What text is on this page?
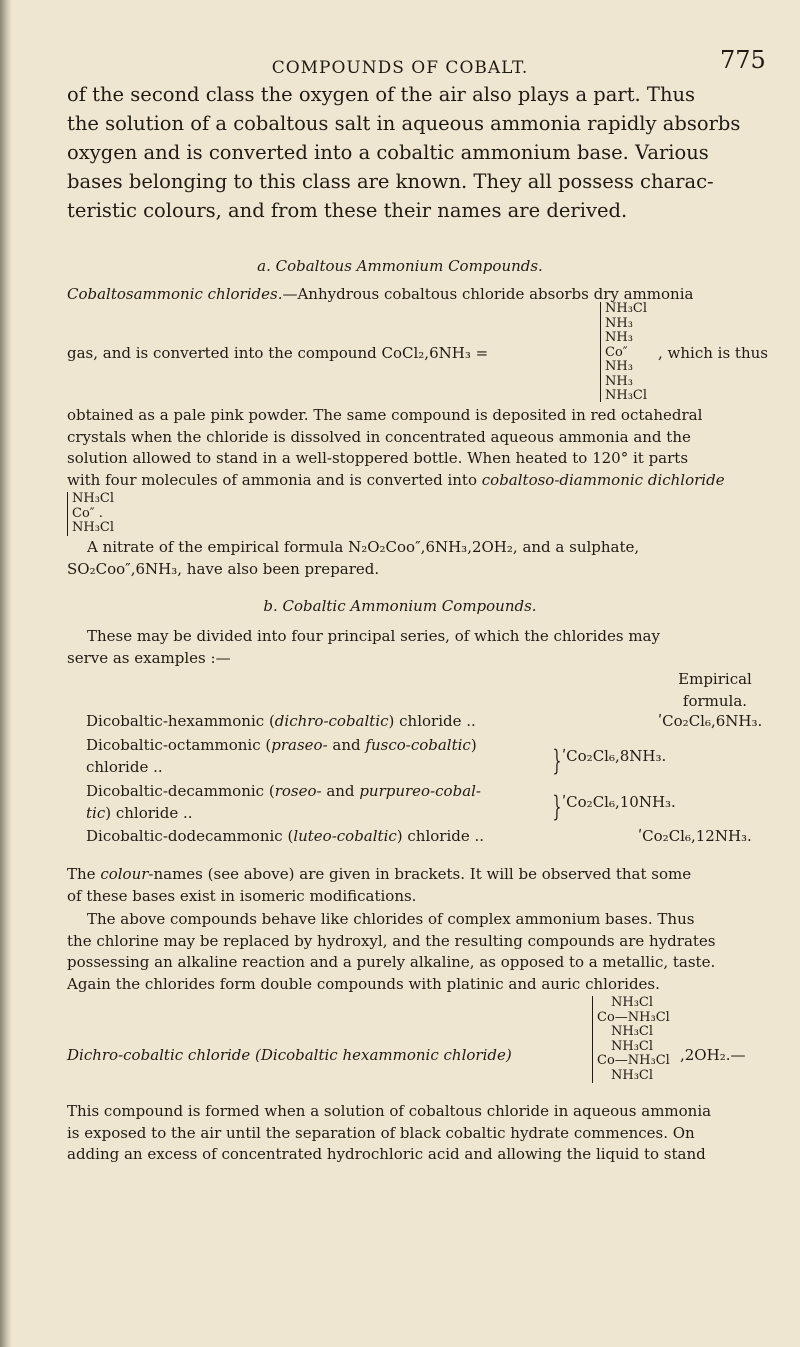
COMPOUNDS OF COBALT.	775

of the second class the oxygen of the air also plays a part. Thus

the solution of a cobaltous salt in aqueous ammonia rapidly absorbs

oxygen and is converted into a cobaltic ammonium base. Various

bases belonging to this class are known. They all possess charac-

teristic colours, and from these their names are derived.

a. Cobaltous Ammonium Compounds.
Cobaltosammonic chlorides.—Anhydrous cobaltous chloride absorbs dry ammonia
NH₃Cl
NH₃
NH₃
Co″
NH₃
NH₃
NH₃Cl
gas, and is converted into the compound CoCl₂,6NH₃ =	, which is thus
obtained as a pale pink powder. The same compound is deposited in red octahedral
crystals when the chloride is dissolved in concentrated aqueous ammonia and the
solution allowed to stand in a well-stoppered bottle. When heated to 120° it parts
with four molecules of ammonia and is converted into cobaltoso-diammonic dichloride
NH₃Cl
Co″ .
NH₃Cl
A nitrate of the empirical formula N₂O₂Coo″,6NH₃,2OH₂, and a sulphate,
SO₂Coo″,6NH₃, have also been prepared.
b. Cobaltic Ammonium Compounds.
These may be divided into four principal series, of which the chlorides may
serve as examples :—
Empirical
formula.
Dicobaltic-hexammonic (dichro-cobaltic) chloride ..	ʹCo₂Cl₆,6NH₃.
Dicobaltic-octammonic (praseo- and fusco-cobaltic)
chloride ..	} ʹCo₂Cl₆,8NH₃.
Dicobaltic-decammonic (roseo- and purpureo-cobal-
tic) chloride ..	} ʹCo₂Cl₆,10NH₃.
Dicobaltic-dodecammonic (luteo-cobaltic) chloride ..	ʹCo₂Cl₆,12NH₃.
The colour-names (see above) are given in brackets. It will be observed that some
of these bases exist in isomeric modifications.
The above compounds behave like chlorides of complex ammonium bases. Thus
the chlorine may be replaced by hydroxyl, and the resulting compounds are hydrates
possessing an alkaline reaction and a purely alkaline, as opposed to a metallic, taste.
Again the chlorides form double compounds with platinic and auric chlorides.
Dichro-cobaltic chloride (Dicobaltic hexammonic chloride)
NH₃Cl
Co—NH₃Cl
NH₃Cl
NH₃Cl
Co—NH₃Cl
NH₃Cl
,2OH₂.—
This compound is formed when a solution of cobaltous chloride in aqueous ammonia
is exposed to the air until the separation of black cobaltic hydrate commences. On
adding an excess of concentrated hydrochloric acid and allowing the liquid to stand
